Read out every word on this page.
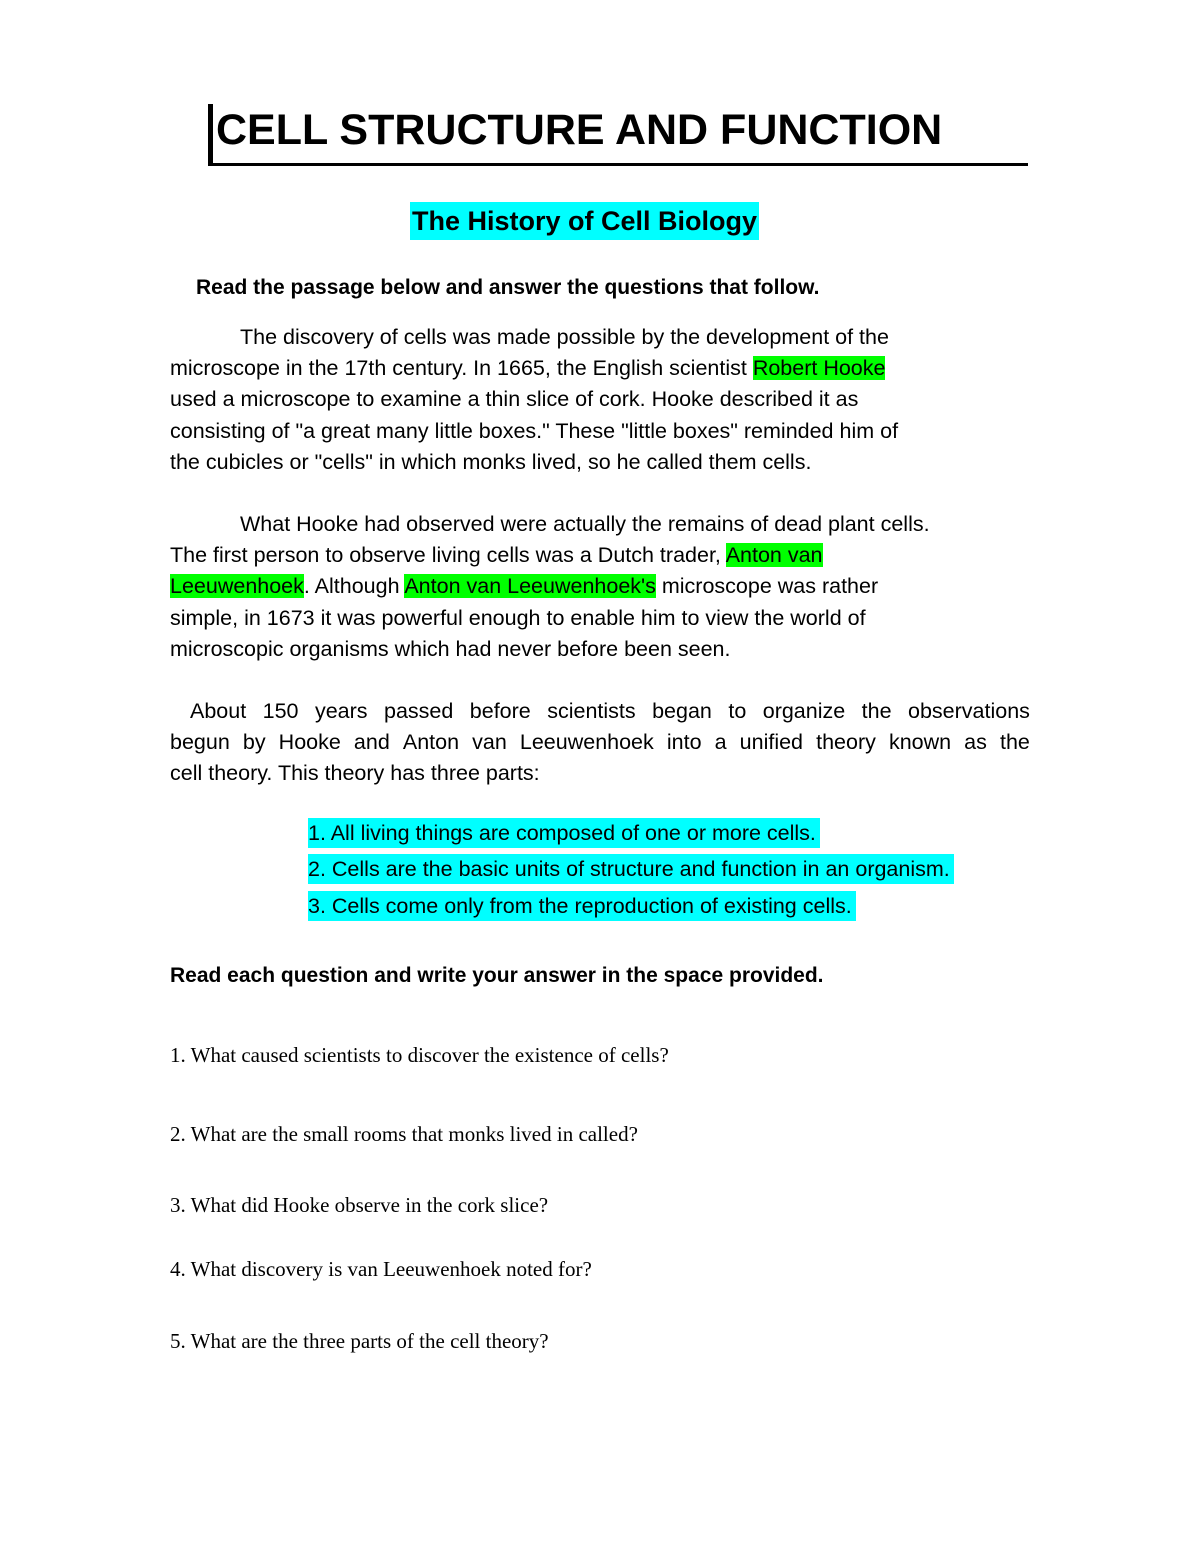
CELL STRUCTURE AND FUNCTION
The History of Cell Biology
Read the passage below and answer the questions that follow.
The discovery of cells was made possible by the development of the
microscope in the 17th century. In 1665, the English scientist Robert Hooke
used a microscope to examine a thin slice of cork. Hooke described it as
consisting of "a great many little boxes." These "little boxes" reminded him of
the cubicles or "cells" in which monks lived, so he called them cells.
What Hooke had observed were actually the remains of dead plant cells.
The first person to observe living cells was a Dutch trader, Anton van
Leeuwenhoek. Although Anton van Leeuwenhoek's microscope was rather
simple, in 1673 it was powerful enough to enable him to view the world of
microscopic organisms which had never before been seen.
About 150 years passed before scientists began to organize the observations
begun by Hooke and Anton van Leeuwenhoek into a unified theory known as the
cell theory. This theory has three parts:
1. All living things are composed of one or more cells.
2. Cells are the basic units of structure and function in an organism.
3. Cells come only from the reproduction of existing cells.
Read each question and write your answer in the space provided.
1. What caused scientists to discover the existence of cells?
2. What are the small rooms that monks lived in called?
3. What did Hooke observe in the cork slice?
4. What discovery is van Leeuwenhoek noted for?
5. What are the three parts of the cell theory?
